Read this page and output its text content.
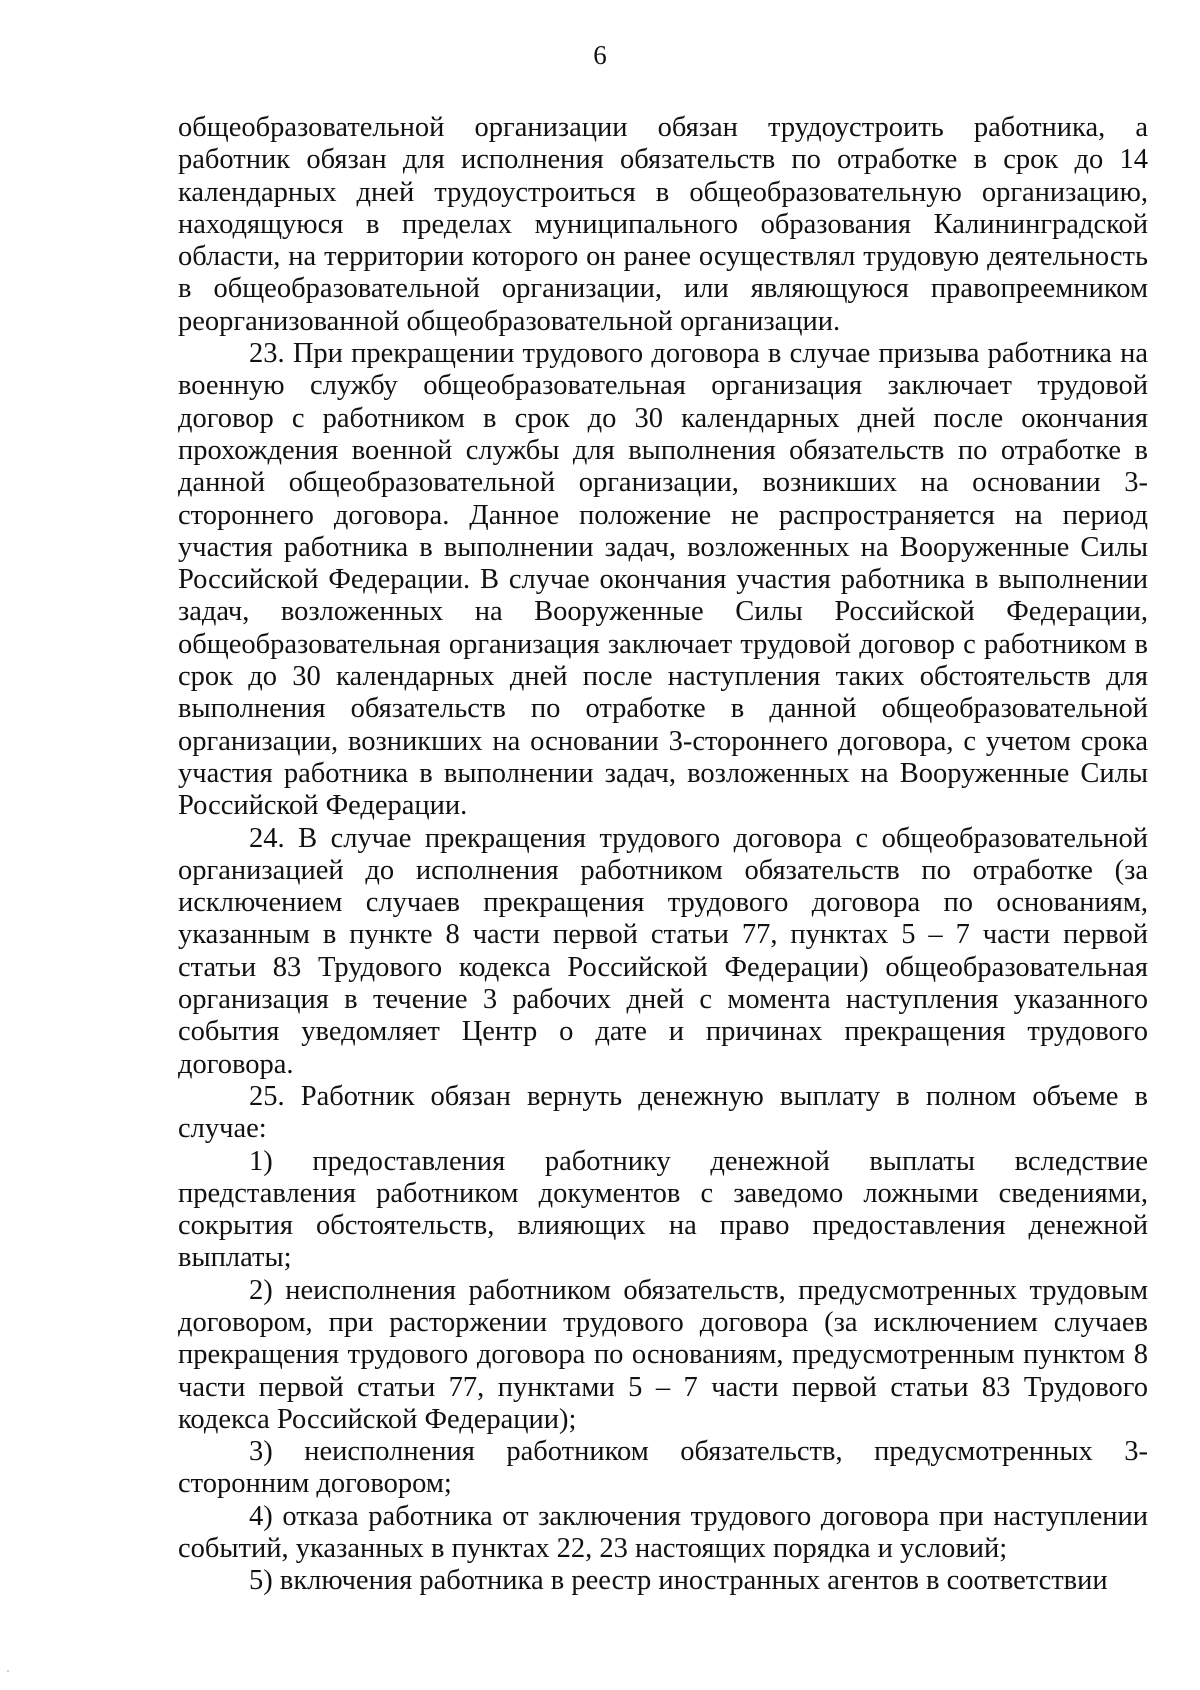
6

общеобразовательной организации обязан трудоустроить работника, а работник обязан для исполнения обязательств по отработке в срок до 14 календарных дней трудоустроиться в общеобразовательную организацию, находящуюся в пределах муниципального образования Калининградской области, на территории которого он ранее осуществлял трудовую деятельность в общеобразовательной организации, или являющуюся правопреемником реорганизованной общеобразовательной организации.

23. При прекращении трудового договора в случае призыва работника на военную службу общеобразовательная организация заключает трудовой договор с работником в срок до 30 календарных дней после окончания прохождения военной службы для выполнения обязательств по отработке в данной общеобразовательной организации, возникших на основании 3-стороннего договора. Данное положение не распространяется на период участия работника в выполнении задач, возложенных на Вооруженные Силы Российской Федерации. В случае окончания участия работника в выполнении задач, возложенных на Вооруженные Силы Российской Федерации, общеобразовательная организация заключает трудовой договор с работником в срок до 30 календарных дней после наступления таких обстоятельств для выполнения обязательств по отработке в данной общеобразовательной организации, возникших на основании 3-стороннего договора, с учетом срока участия работника в выполнении задач, возложенных на Вооруженные Силы Российской Федерации.

24. В случае прекращения трудового договора с общеобразовательной организацией до исполнения работником обязательств по отработке (за исключением случаев прекращения трудового договора по основаниям, указанным в пункте 8 части первой статьи 77, пунктах 5 – 7 части первой статьи 83 Трудового кодекса Российской Федерации) общеобразовательная организация в течение 3 рабочих дней с момента наступления указанного события уведомляет Центр о дате и причинах прекращения трудового договора.

25. Работник обязан вернуть денежную выплату в полном объеме в случае:

1) предоставления работнику денежной выплаты вследствие представления работником документов с заведомо ложными сведениями, сокрытия обстоятельств, влияющих на право предоставления денежной выплаты;

2) неисполнения работником обязательств, предусмотренных трудовым договором, при расторжении трудового договора (за исключением случаев прекращения трудового договора по основаниям, предусмотренным пунктом 8 части первой статьи 77, пунктами 5 – 7 части первой статьи 83 Трудового кодекса Российской Федерации);

3) неисполнения работником обязательств, предусмотренных 3-сторонним договором;

4) отказа работника от заключения трудового договора при наступлении событий, указанных в пунктах 22, 23 настоящих порядка и условий;

5) включения работника в реестр иностранных агентов в соответствии
